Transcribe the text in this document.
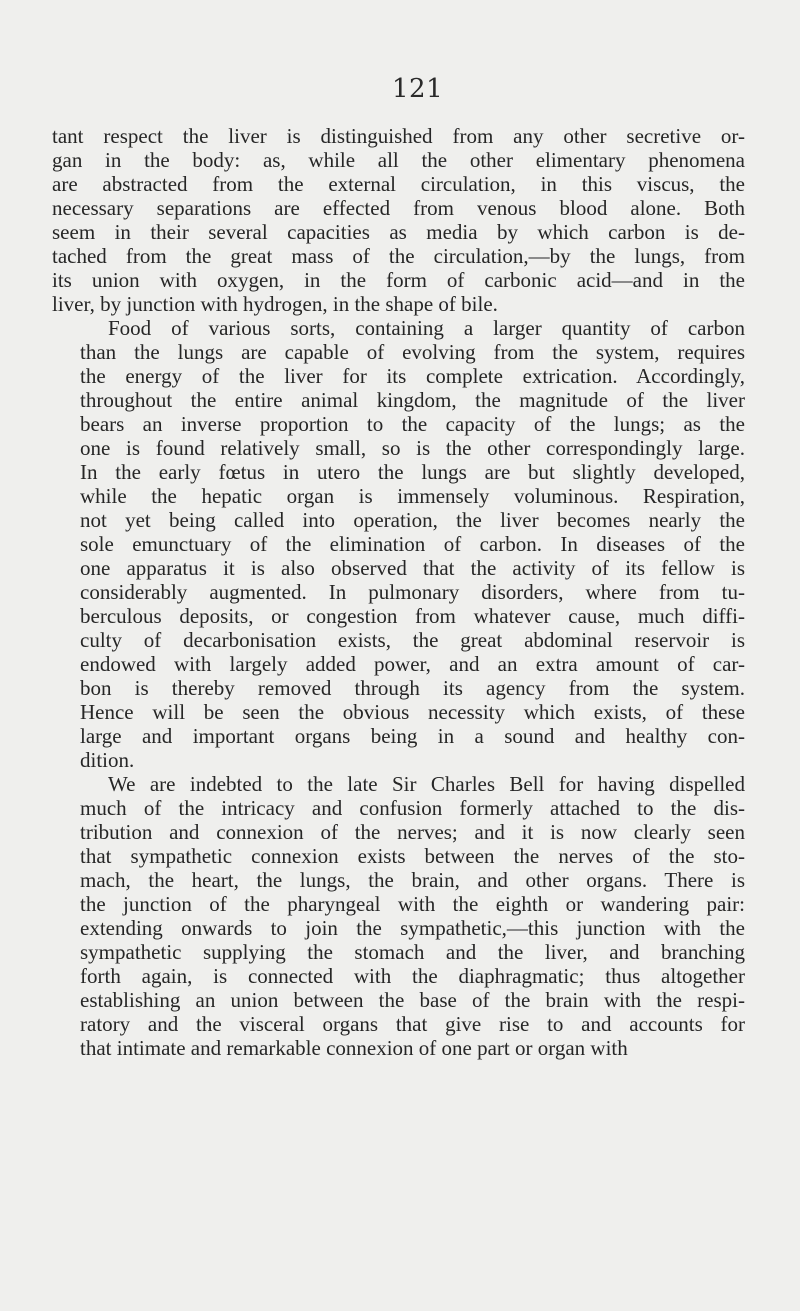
121
tant respect the liver is distinguished from any other secretive or-
gan in the body: as, while all the other elimentary phenomena
are abstracted from the external circulation, in this viscus, the
necessary separations are effected from venous blood alone. Both
seem in their several capacities as media by which carbon is de-
tached from the great mass of the circulation,—by the lungs, from
its union with oxygen, in the form of carbonic acid—and in the
liver, by junction with hydrogen, in the shape of bile.
Food of various sorts, containing a larger quantity of carbon
than the lungs are capable of evolving from the system, requires
the energy of the liver for its complete extrication. Accordingly,
throughout the entire animal kingdom, the magnitude of the liver
bears an inverse proportion to the capacity of the lungs; as the
one is found relatively small, so is the other correspondingly large.
In the early fœtus in utero the lungs are but slightly developed,
while the hepatic organ is immensely voluminous. Respiration,
not yet being called into operation, the liver becomes nearly the
sole emunctuary of the elimination of carbon. In diseases of the
one apparatus it is also observed that the activity of its fellow is
considerably augmented. In pulmonary disorders, where from tu-
berculous deposits, or congestion from whatever cause, much diffi-
culty of decarbonisation exists, the great abdominal reservoir is
endowed with largely added power, and an extra amount of car-
bon is thereby removed through its agency from the system.
Hence will be seen the obvious necessity which exists, of these
large and important organs being in a sound and healthy con-
dition.
We are indebted to the late Sir Charles Bell for having dispelled
much of the intricacy and confusion formerly attached to the dis-
tribution and connexion of the nerves; and it is now clearly seen
that sympathetic connexion exists between the nerves of the sto-
mach, the heart, the lungs, the brain, and other organs. There is
the junction of the pharyngeal with the eighth or wandering pair:
extending onwards to join the sympathetic,—this junction with the
sympathetic supplying the stomach and the liver, and branching
forth again, is connected with the diaphragmatic; thus altogether
establishing an union between the base of the brain with the respi-
ratory and the visceral organs that give rise to and accounts for
that intimate and remarkable connexion of one part or organ with
